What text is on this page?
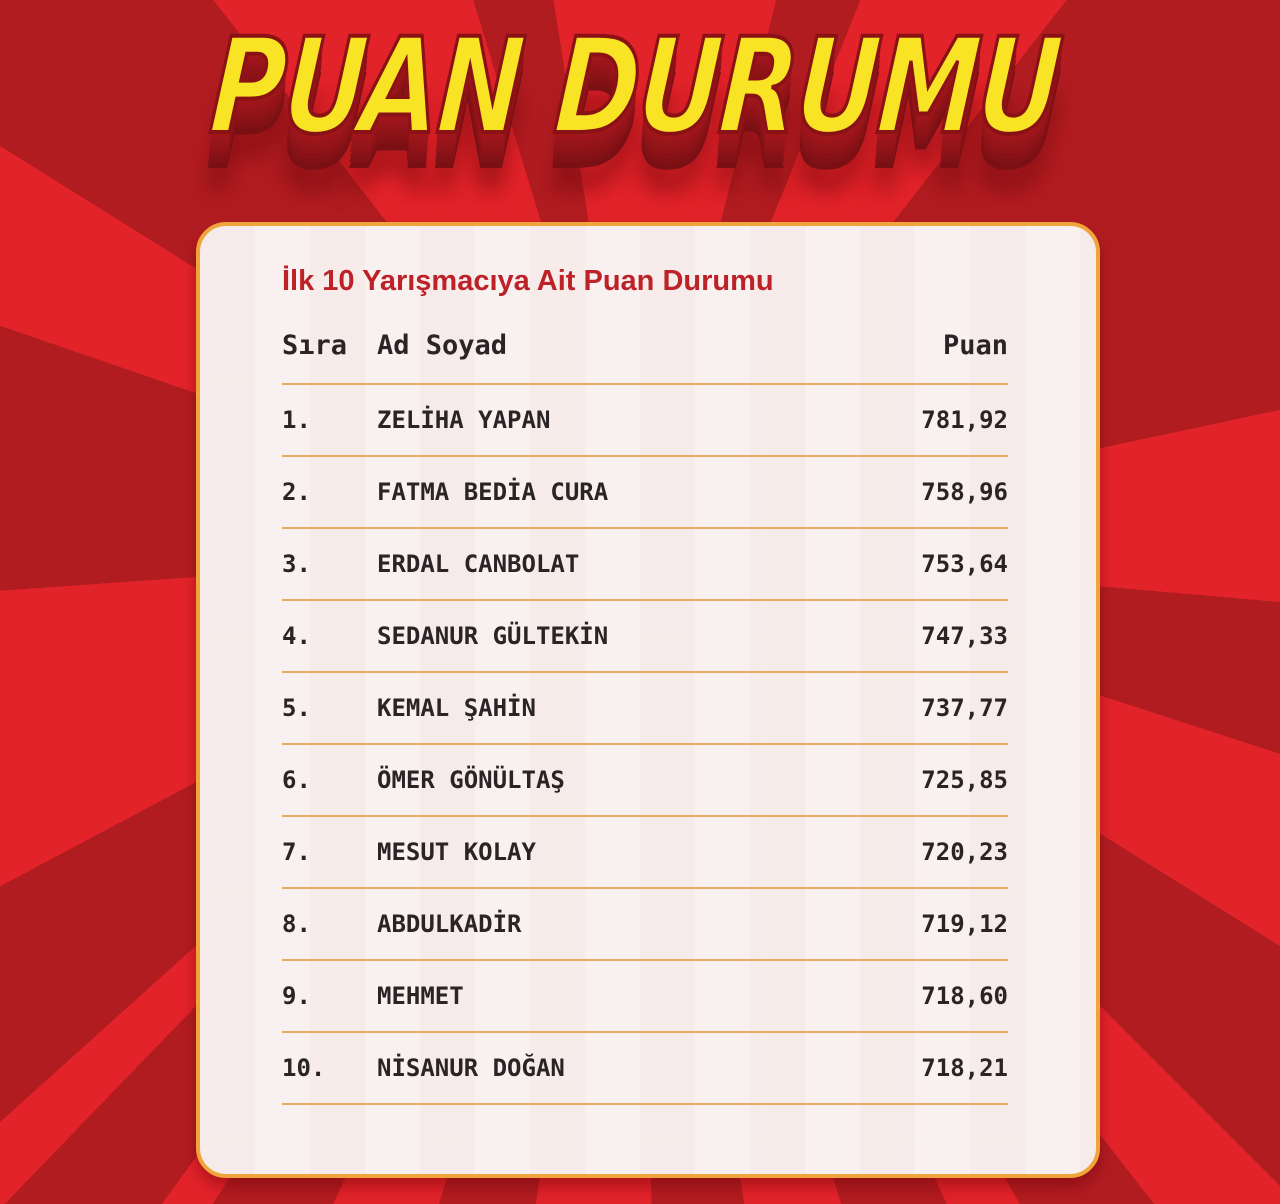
PUAN DURUMU
İlk 10 Yarışmacıya Ait Puan Durumu
Sıra	Ad Soyad	Puan
1.	ZELİHA YAPAN	781,92
2.	FATMA BEDİA CURA	758,96
3.	ERDAL CANBOLAT	753,64
4.	SEDANUR GÜLTEKİN	747,33
5.	KEMAL ŞAHİN	737,77
6.	ÖMER GÖNÜLTAŞ	725,85
7.	MESUT KOLAY	720,23
8.	ABDULKADİR	719,12
9.	MEHMET	718,60
10.	NİSANUR DOĞAN	718,21
